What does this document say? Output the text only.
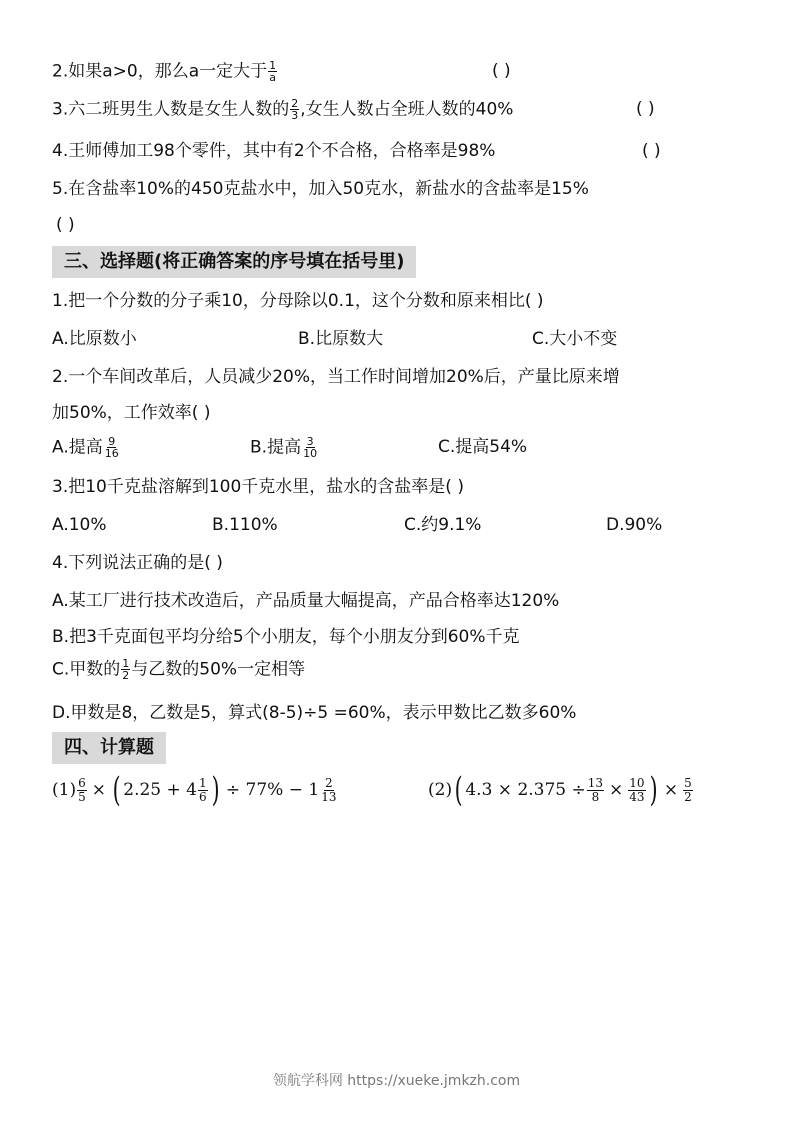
2.如果a>0，那么a一定大于 $\frac{1}{a}$	( )
3.六二班男生人数是女生人数的 $\frac{2}{3}$ ,女生人数占全班人数的40%	( )
4.王师傅加工98个零件，其中有2个不合格，合格率是98%	( )
5.在含盐率10%的450克盐水中，加入50克水，新盐水的含盐率是15%
( )
三、选择题(将正确答案的序号填在括号里)
1.把一个分数的分子乘10，分母除以0.1，这个分数和原来相比( )
A.比原数小	B.比原数大	C.大小不变
2.一个车间改革后，人员减少20%，当工作时间增加20%后，产量比原来增
加50%，工作效率( )
A.提高 $\frac{9}{16}$	B.提高 $\frac{3}{10}$	C.提高54%
3.把10千克盐溶解到100千克水里，盐水的含盐率是( )
A.10%	B.110%	C.约9.1%	D.90%
4.下列说法正确的是( )
A.某工厂进行技术改造后，产品质量大幅提高，产品合格率达120%
B.把3千克面包平均分给5个小朋友，每个小朋友分到60%千克
C.甲数的 $\frac{1}{2}$ 与乙数的50%一定相等
D.甲数是8，乙数是5，算式(8-5)÷5 =60%，表示甲数比乙数多60%
四、计算题
$(1) \frac{6}{5}$ × ( $2.25 + 4 \frac{1}{6}$ ) ÷ $77\% - 1 \frac{2}{13}$	(2) ( $4.3 \times 2.375 \div \frac{13}{8} \times \frac{10}{43}$ ) × $\frac{5}{2}$
领航学科网 https://xueke.jmkzh.com
